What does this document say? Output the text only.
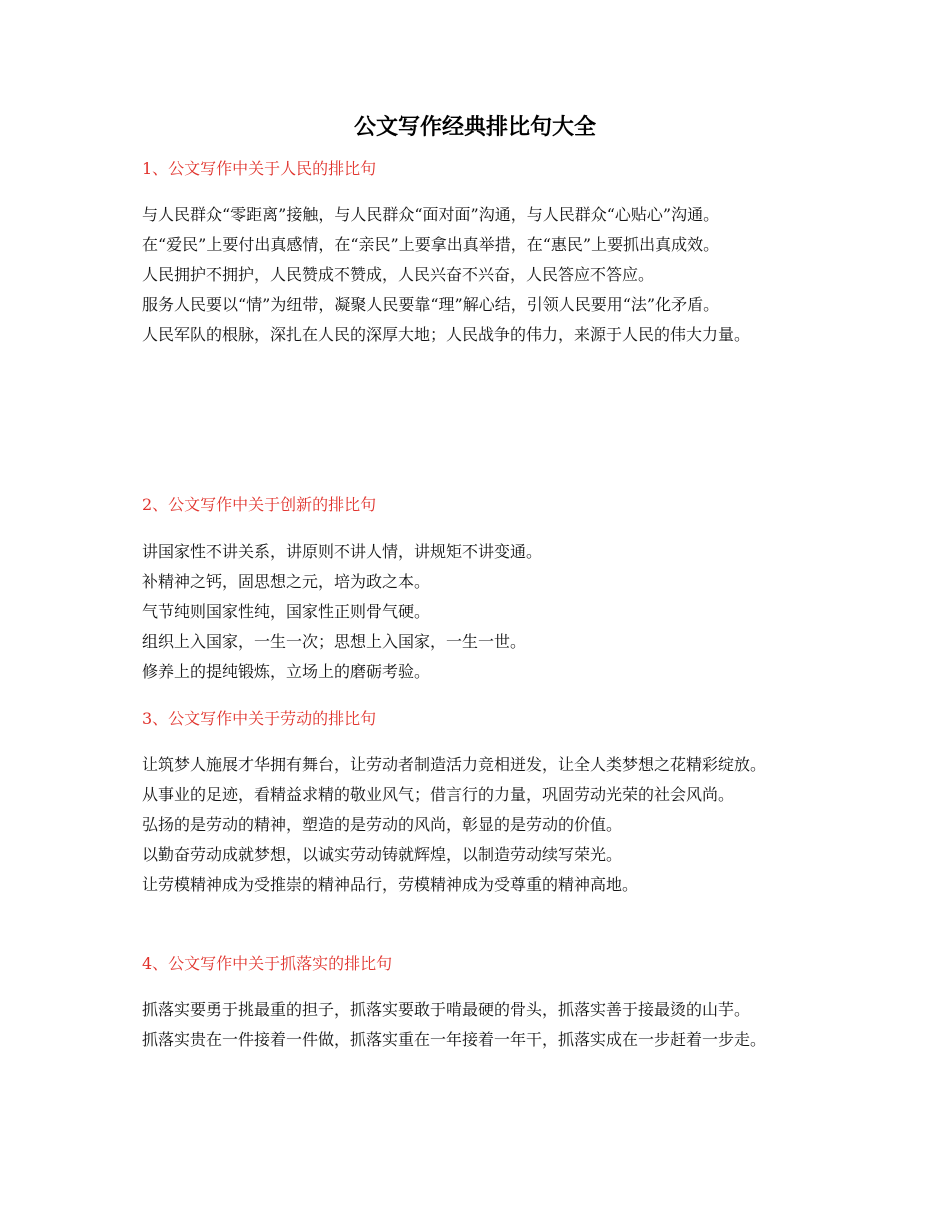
公文写作经典排比句大全
1、公文写作中关于人民的排比句

与人民群众“零距离”接触，与人民群众“面对面”沟通，与人民群众“心贴心”沟通。

在“爱民”上要付出真感情，在“亲民”上要拿出真举措，在“惠民”上要抓出真成效。

人民拥护不拥护，人民赞成不赞成，人民兴奋不兴奋，人民答应不答应。

服务人民要以“情”为纽带，凝聚人民要靠“理”解心结，引领人民要用“法”化矛盾。

人民军队的根脉，深扎在人民的深厚大地；人民战争的伟力，来源于人民的伟大力量。

2、公文写作中关于创新的排比句

讲国家性不讲关系，讲原则不讲人情，讲规矩不讲变通。

补精神之钙，固思想之元，培为政之本。

气节纯则国家性纯，国家性正则骨气硬。

组织上入国家，一生一次；思想上入国家，一生一世。

修养上的提纯锻炼，立场上的磨砺考验。

3、公文写作中关于劳动的排比句

让筑梦人施展才华拥有舞台，让劳动者制造活力竞相迸发，让全人类梦想之花精彩绽放。

从事业的足迹，看精益求精的敬业风气；借言行的力量，巩固劳动光荣的社会风尚。

弘扬的是劳动的精神，塑造的是劳动的风尚，彰显的是劳动的价值。

以勤奋劳动成就梦想，以诚实劳动铸就辉煌，以制造劳动续写荣光。

让劳模精神成为受推崇的精神品行，劳模精神成为受尊重的精神高地。

4、公文写作中关于抓落实的排比句

抓落实要勇于挑最重的担子，抓落实要敢于啃最硬的骨头，抓落实善于接最烫的山芋。

抓落实贵在一件接着一件做，抓落实重在一年接着一年干，抓落实成在一步赶着一步走。
